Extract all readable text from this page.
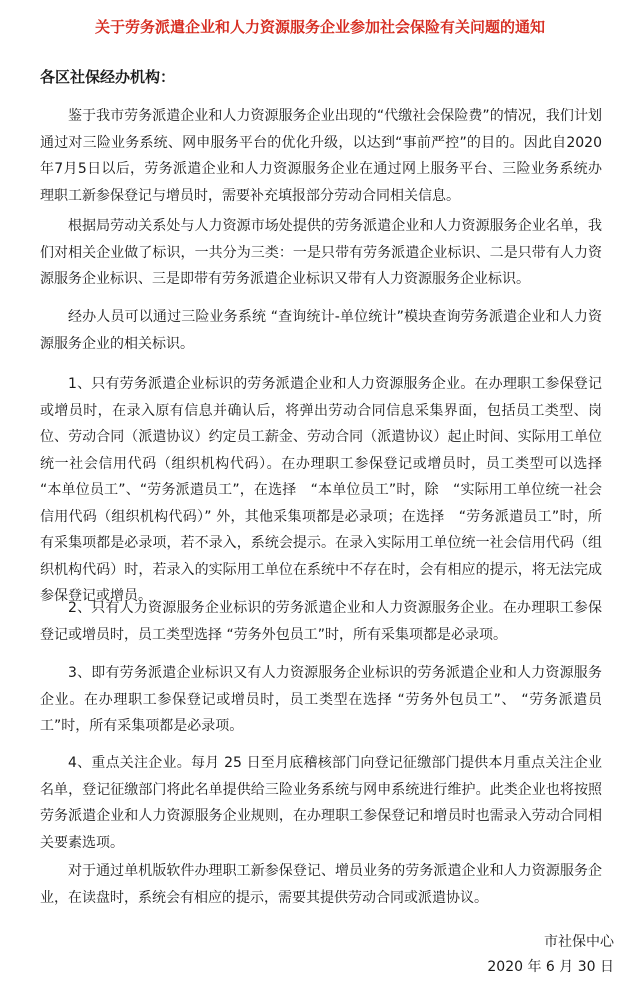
关于劳务派遣企业和人力资源服务企业参加社会保险有关问题的通知
各区社保经办机构：

鉴于我市劳务派遣企业和人力资源服务企业出现的“代缴社会保险费”的情况，我们计划通过对三险业务系统、网申服务平台的优化升级，以达到“事前严控”的目的。因此自2020年7月5日以后，劳务派遣企业和人力资源服务企业在通过网上服务平台、三险业务系统办理职工新参保登记与增员时，需要补充填报部分劳动合同相关信息。

根据局劳动关系处与人力资源市场处提供的劳务派遣企业和人力资源服务企业名单，我们对相关企业做了标识，一共分为三类：一是只带有劳务派遣企业标识、二是只带有人力资源服务企业标识、三是即带有劳务派遣企业标识又带有人力资源服务企业标识。

经办人员可以通过三险业务系统 “查询统计-单位统计”模块查询劳务派遣企业和人力资源服务企业的相关标识。

1、只有劳务派遣企业标识的劳务派遣企业和人力资源服务企业。在办理职工参保登记或增员时，在录入原有信息并确认后，将弹出劳动合同信息采集界面，包括员工类型、岗位、劳动合同（派遣协议）约定员工薪金、劳动合同（派遣协议）起止时间、实际用工单位统一社会信用代码（组织机构代码）。在办理职工参保登记或增员时，员工类型可以选择 “本单位员工”、“劳务派遣员工”，在选择　“本单位员工”时，除　“实际用工单位统一社会信用代码（组织机构代码）” 外，其他采集项都是必录项；在选择　“劳务派遣员工”时，所有采集项都是必录项，若不录入，系统会提示。在录入实际用工单位统一社会信用代码（组织机构代码）时，若录入的实际用工单位在系统中不存在时，会有相应的提示，将无法完成参保登记或增员。

2、只有人力资源服务企业标识的劳务派遣企业和人力资源服务企业。在办理职工参保登记或增员时，员工类型选择 “劳务外包员工”时，所有采集项都是必录项。

3、即有劳务派遣企业标识又有人力资源服务企业标识的劳务派遣企业和人力资源服务企业。在办理职工参保登记或增员时，员工类型在选择 “劳务外包员工”、 “劳务派遣员工”时，所有采集项都是必录项。

4、重点关注企业。每月 25 日至月底稽核部门向登记征缴部门提供本月重点关注企业名单，登记征缴部门将此名单提供给三险业务系统与网申系统进行维护。此类企业也将按照劳务派遣企业和人力资源服务企业规则，在办理职工参保登记和增员时也需录入劳动合同相关要素选项。

对于通过单机版软件办理职工新参保登记、增员业务的劳务派遣企业和人力资源服务企业，在读盘时，系统会有相应的提示，需要其提供劳动合同或派遣协议。

市社保中心
2020 年 6 月 30 日
